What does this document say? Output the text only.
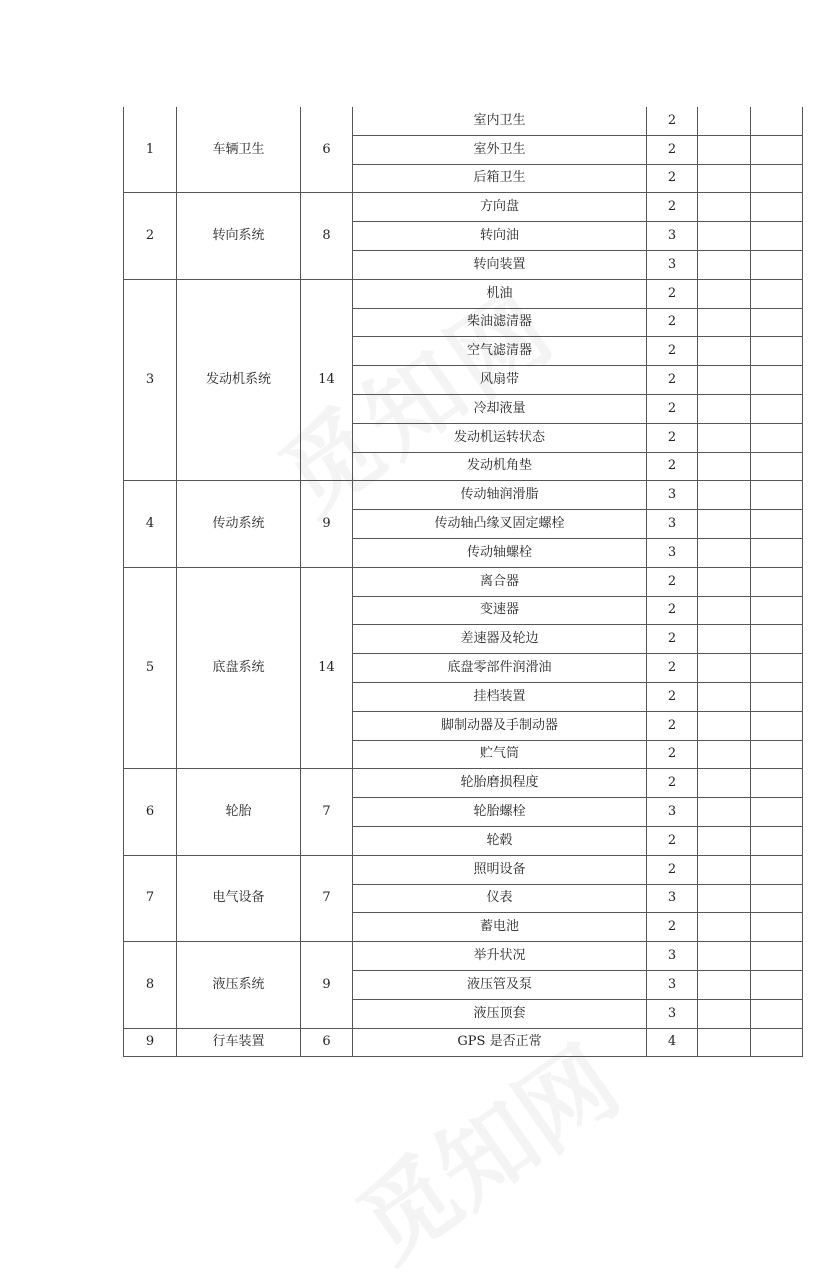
1	车辆卫生	6	室内卫生	2		
			室外卫生	2		
			后箱卫生	2		
2	转向系统	8	方向盘	2		
			转向油	3		
			转向装置	3		
3	发动机系统	14	机油	2		
			柴油滤清器	2		
			空气滤清器	2		
			风扇带	2		
			冷却液量	2		
			发动机运转状态	2		
			发动机角垫	2		
4	传动系统	9	传动轴润滑脂	3		
			传动轴凸缘叉固定螺栓	3		
			传动轴螺栓	3		
5	底盘系统	14	离合器	2		
			变速器	2		
			差速器及轮边	2		
			底盘零部件润滑油	2		
			挂档装置	2		
			脚制动器及手制动器	2		
			贮气筒	2		
6	轮胎	7	轮胎磨损程度	2		
			轮胎螺栓	3		
			轮毂	2		
7	电气设备	7	照明设备	2		
			仪表	3		
			蓄电池	2		
8	液压系统	9	举升状况	3		
			液压管及泵	3		
			液压顶套	3		
9	行车装置	6	GPS 是否正常	4		
